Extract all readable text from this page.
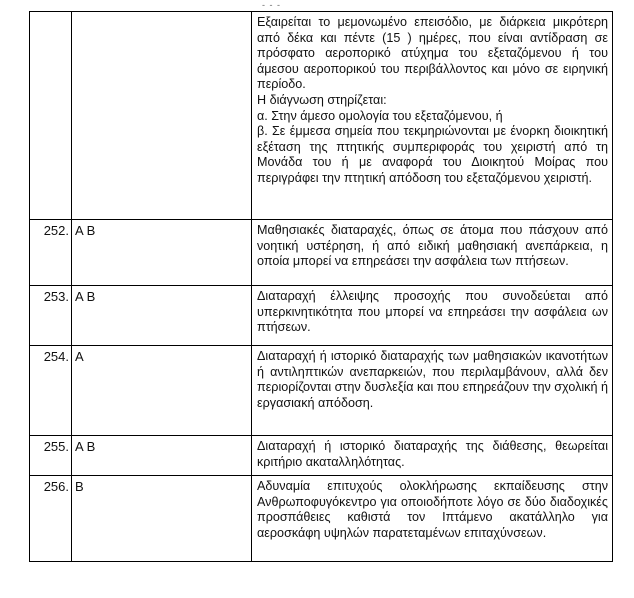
- - -

		Εξαιρείται το μεμονωμένο επεισόδιο, με διάρκεια μικρότερη από δέκα και πέντε (15 ) ημέρες, που είναι αντίδραση σε πρόσφατο αεροπορικό ατύχημα του εξεταζόμενου ή του άμεσου αεροπορικού του περιβάλλοντος και μόνο σε ειρηνική περίοδο.

Η διάγνωση στηρίζεται:
α. Στην άμεσο ομολογία του εξεταζόμενου, ή

β. Σε έμμεσα σημεία που τεκμηριώνονται με ένορκη διοικητική εξέταση της πτητικής συμπεριφοράς του χειριστή από τη Μονάδα του ή με αναφορά του Διοικητού Μοίρας που περιγράφει την πτητική απόδοση του εξεταζόμενου χειριστή.

252.	Α Β	Μαθησιακές διαταραχές, όπως σε άτομα που πάσχουν από νοητική υστέρηση, ή από ειδική μαθησιακή ανεπάρκεια, η οποία μπορεί να επηρεάσει την ασφάλεια των πτήσεων.

253.	Α Β	Διαταραχή έλλειψης προσοχής που συνοδεύεται από υπερκινητικότητα που μπορεί να επηρεάσει την ασφάλεια ων πτήσεων.

254.	Α	Διαταραχή ή ιστορικό διαταραχής των μαθησιακών ικανοτήτων ή αντιληπτικών ανεπαρκειών, που περιλαμβάνουν, αλλά δεν περιορίζονται στην δυσλεξία και που επηρεάζουν την σχολική ή εργασιακή απόδοση.

255.	Α Β	Διαταραχή ή ιστορικό διαταραχής της διάθεσης, θεωρείται κριτήριο ακαταλληλότητας.

256.	Β	Αδυναμία επιτυχούς ολοκλήρωσης εκπαίδευσης στην Ανθρωποφυγόκεντρο για οποιοδήποτε λόγο σε δύο διαδοχικές προσπάθειες καθιστά τον Ιπτάμενο ακατάλληλο για αεροσκάφη υψηλών παρατεταμένων επιταχύνσεων.
